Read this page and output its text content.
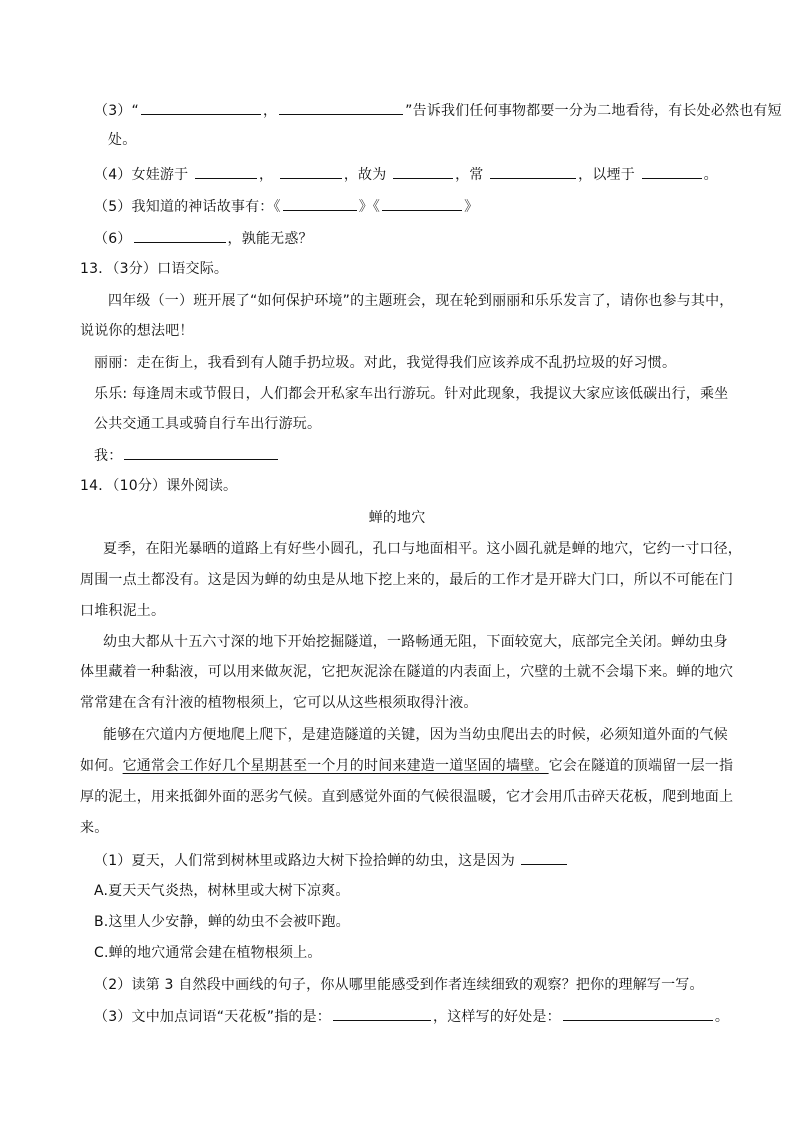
（3）“	，	”告诉我们任何事物都要一分为二地看待，有长处必然也有短
处。
（4）女娃游于	，	，故为	，常	，以堙于	。
（5）我知道的神话故事有：《	》《	》
（6）	，孰能无惑？
13．（3分）口语交际。
四年级（一）班开展了“如何保护环境”的主题班会，现在轮到丽丽和乐乐发言了，请你也参与其中，
说说你的想法吧！
丽丽：走在街上，我看到有人随手扔垃圾。对此，我觉得我们应该养成不乱扔垃圾的好习惯。
乐乐: 每逢周末或节假日，人们都会开私家车出行游玩。针对此现象，我提议大家应该低碳出行，乘坐
公共交通工具或骑自行车出行游玩。
我：
14．（10分）课外阅读。
蝉的地穴
夏季，在阳光暴晒的道路上有好些小圆孔，孔口与地面相平。这小圆孔就是蝉的地穴，它约一寸口径，
周围一点土都没有。这是因为蝉的幼虫是从地下挖上来的，最后的工作才是开辟大门口，所以不可能在门
口堆积泥土。
幼虫大都从十五六寸深的地下开始挖掘隧道，一路畅通无阻，下面较宽大，底部完全关闭。蝉幼虫身
体里藏着一种黏液，可以用来做灰泥，它把灰泥涂在隧道的内表面上，穴壁的土就不会塌下来。蝉的地穴
常常建在含有汁液的植物根须上，它可以从这些根须取得汁液。
能够在穴道内方便地爬上爬下，是建造隧道的关键，因为当幼虫爬出去的时候，必须知道外面的气候
如何。它通常会工作好几个星期甚至一个月的时间来建造一道坚固的墙壁。它会在隧道的顶端留一层一指
厚的泥土，用来抵御外面的恶劣气候。直到感觉外面的气候很温暖，它才会用爪击碎天花板，爬到地面上
来。
（1）夏天，人们常到树林里或路边大树下捡拾蝉的幼虫，这是因为
A.夏天天气炎热，树林里或大树下凉爽。
B.这里人少安静，蝉的幼虫不会被吓跑。
C.蝉的地穴通常会建在植物根须上。
（2）读第 3 自然段中画线的句子，你从哪里能感受到作者连续细致的观察？把你的理解写一写。
（3）文中加点词语“天花板”指的是：	，这样写的好处是：	。
